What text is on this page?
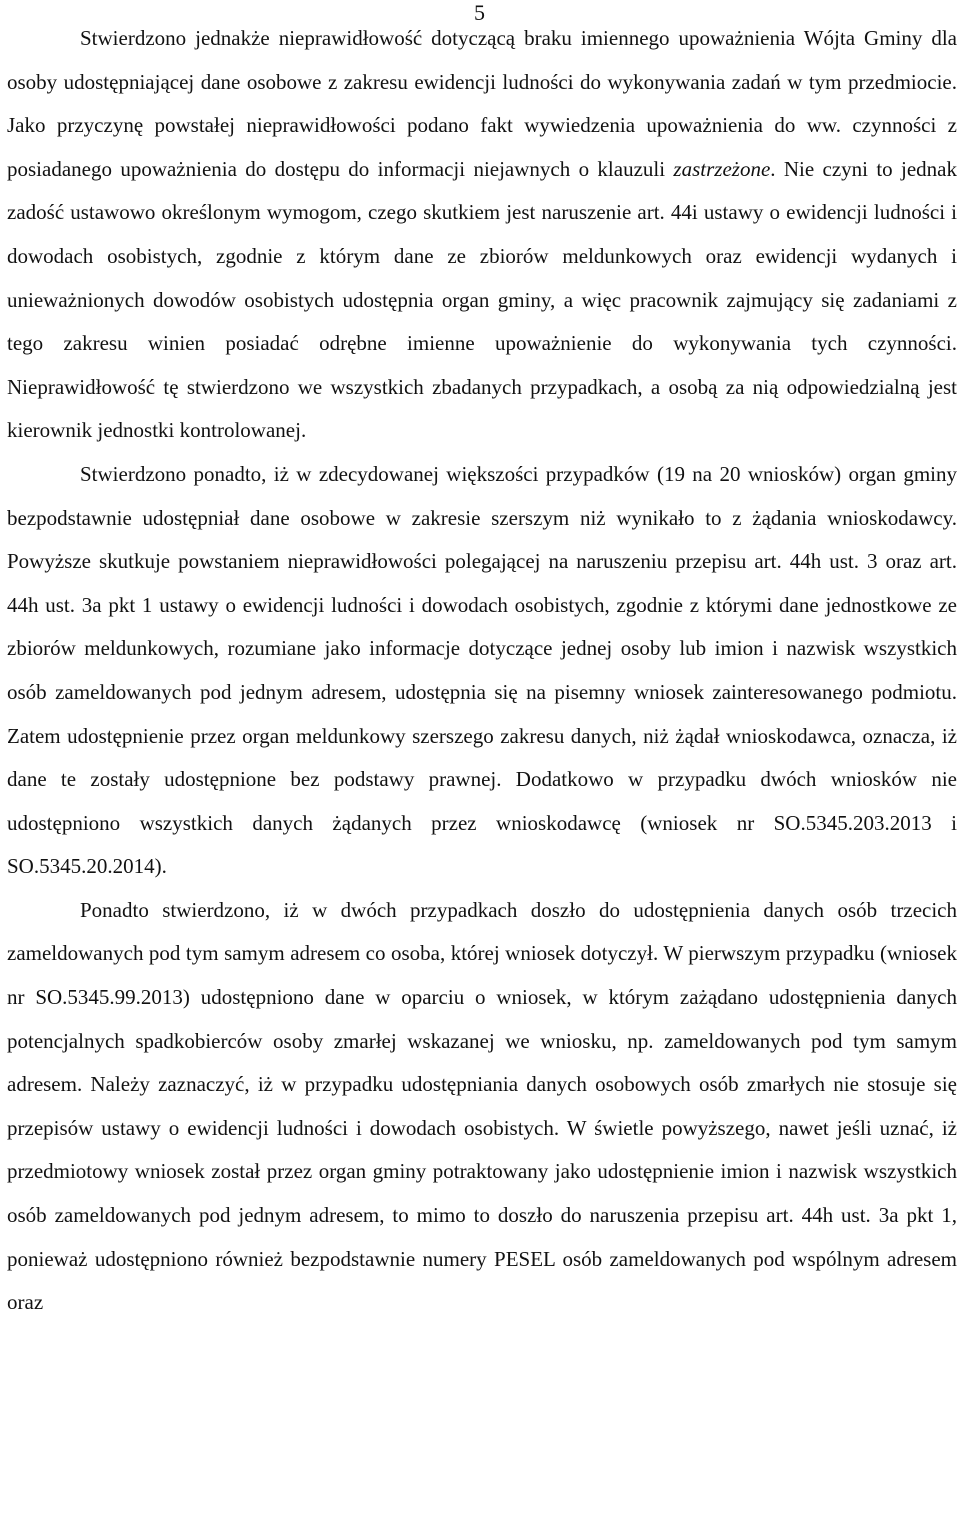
5

Stwierdzono jednakże nieprawidłowość dotyczącą braku imiennego upoważnienia Wójta Gminy dla osoby udostępniającej dane osobowe z zakresu ewidencji ludności do wykonywania zadań w tym przedmiocie. Jako przyczynę powstałej nieprawidłowości podano fakt wywiedzenia upoważnienia do ww. czynności z posiadanego upoważnienia do dostępu do informacji niejawnych o klauzuli zastrzeżone. Nie czyni to jednak zadość ustawowo określonym wymogom, czego skutkiem jest naruszenie art. 44i ustawy o ewidencji ludności i dowodach osobistych, zgodnie z którym dane ze zbiorów meldunkowych oraz ewidencji wydanych i unieważnionych dowodów osobistych udostępnia organ gminy, a więc pracownik zajmujący się zadaniami z tego zakresu winien posiadać odrębne imienne upoważnienie do wykonywania tych czynności. Nieprawidłowość tę stwierdzono we wszystkich zbadanych przypadkach, a osobą za nią odpowiedzialną jest kierownik jednostki kontrolowanej.

Stwierdzono ponadto, iż w zdecydowanej większości przypadków (19 na 20 wniosków) organ gminy bezpodstawnie udostępniał dane osobowe w zakresie szerszym niż wynikało to z żądania wnioskodawcy. Powyższe skutkuje powstaniem nieprawidłowości polegającej na naruszeniu przepisu art. 44h ust. 3 oraz art. 44h ust. 3a pkt 1 ustawy o ewidencji ludności i dowodach osobistych, zgodnie z którymi dane jednostkowe ze zbiorów meldunkowych, rozumiane jako informacje dotyczące jednej osoby lub imion i nazwisk wszystkich osób zameldowanych pod jednym adresem, udostępnia się na pisemny wniosek zainteresowanego podmiotu. Zatem udostępnienie przez organ meldunkowy szerszego zakresu danych, niż żądał wnioskodawca, oznacza, iż dane te zostały udostępnione bez podstawy prawnej. Dodatkowo w przypadku dwóch wniosków nie udostępniono wszystkich danych żądanych przez wnioskodawcę (wniosek nr SO.5345.203.2013 i SO.5345.20.2014).

Ponadto stwierdzono, iż w dwóch przypadkach doszło do udostępnienia danych osób trzecich zameldowanych pod tym samym adresem co osoba, której wniosek dotyczył. W pierwszym przypadku (wniosek nr SO.5345.99.2013) udostępniono dane w oparciu o wniosek, w którym zażądano udostępnienia danych potencjalnych spadkobierców osoby zmarłej wskazanej we wniosku, np. zameldowanych pod tym samym adresem. Należy zaznaczyć, iż w przypadku udostępniania danych osobowych osób zmarłych nie stosuje się przepisów ustawy o ewidencji ludności i dowodach osobistych. W świetle powyższego, nawet jeśli uznać, iż przedmiotowy wniosek został przez organ gminy potraktowany jako udostępnienie imion i nazwisk wszystkich osób zameldowanych pod jednym adresem, to mimo to doszło do naruszenia przepisu art. 44h ust. 3a pkt 1, ponieważ udostępniono również bezpodstawnie numery PESEL osób zameldowanych pod wspólnym adresem oraz
